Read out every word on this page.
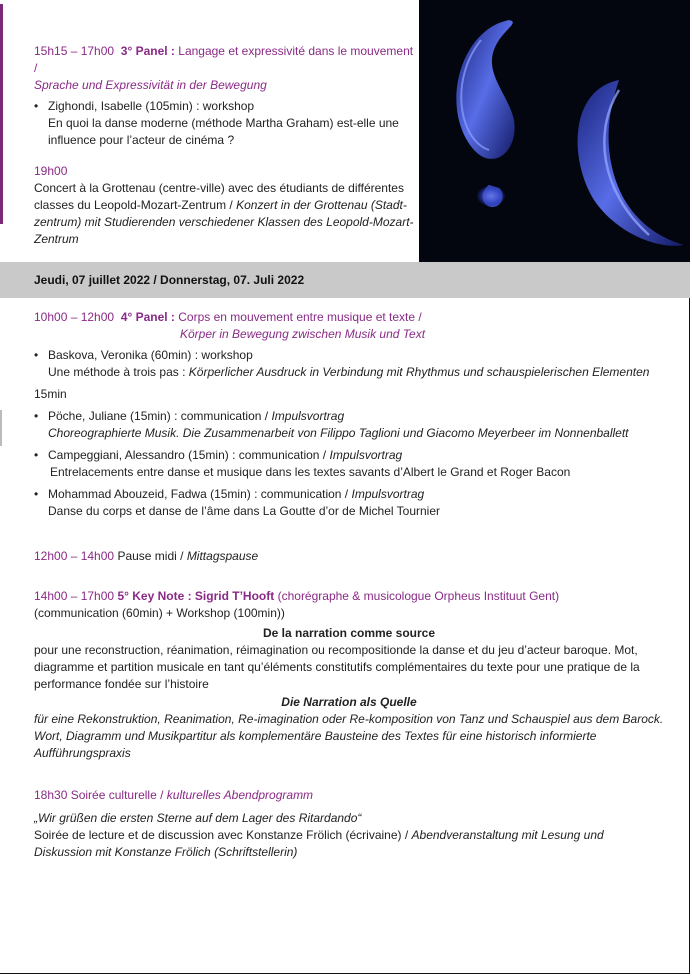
15h15 – 17h00 3° Panel : Langage et expressivité dans le mouvement /
Sprache und Expressivität in der Bewegung
• Zighondi, Isabelle (105min) : workshop
En quoi la danse moderne (méthode Martha Graham) est-elle une
influence pour l’acteur de cinéma ?
19h00
Concert à la Grottenau (centre-ville) avec des étudiants de différentes
classes du Leopold-Mozart-Zentrum / Konzert in der Grottenau (Stadt-
zentrum) mit Studierenden verschiedener Klassen des Leopold-Mozart-
Zentrum
Jeudi, 07 juillet 2022 / Donnerstag, 07. Juli 2022
10h00 – 12h00 4° Panel : Corps en mouvement entre musique et texte /
Körper in Bewegung zwischen Musik und Text
• Baskova, Veronika (60min) : workshop
Une méthode à trois pas : Körperlicher Ausdruck in Verbindung mit Rhythmus und schauspielerischen Elementen
15min
• Pöche, Juliane (15min) : communication / Impulsvortrag
Choreographierte Musik. Die Zusammenarbeit von Filippo Taglioni und Giacomo Meyerbeer im Nonnenballett
• Campeggiani, Alessandro (15min) : communication / Impulsvortrag
Entrelacements entre danse et musique dans les textes savants d’Albert le Grand et Roger Bacon
• Mohammad Abouzeid, Fadwa (15min) : communication / Impulsvortrag
Danse du corps et danse de l’âme dans La Goutte d’or de Michel Tournier
12h00 – 14h00 Pause midi / Mittagspause
14h00 – 17h00 5° Key Note : Sigrid T’Hooft (chorégraphe & musicologue Orpheus Instituut Gent)
(communication (60min) + Workshop (100min))
De la narration comme source
pour une reconstruction, réanimation, réimagination ou recompositionde la danse et du jeu d’acteur baroque. Mot,
diagramme et partition musicale en tant qu’éléments constitutifs complémentaires du texte pour une pratique de la
performance fondée sur l’histoire
Die Narration als Quelle
für eine Rekonstruktion, Reanimation, Re-imagination oder Re-komposition von Tanz und Schauspiel aus dem Barock.
Wort, Diagramm und Musikpartitur als komplementäre Bausteine des Textes für eine historisch informierte
Aufführungspraxis
18h30 Soirée culturelle / kulturelles Abendprogramm
„Wir grüßen die ersten Sterne auf dem Lager des Ritardando“
Soirée de lecture et de discussion avec Konstanze Frölich (écrivaine) / Abendveranstaltung mit Lesung und
Diskussion mit Konstanze Frölich (Schriftstellerin)
